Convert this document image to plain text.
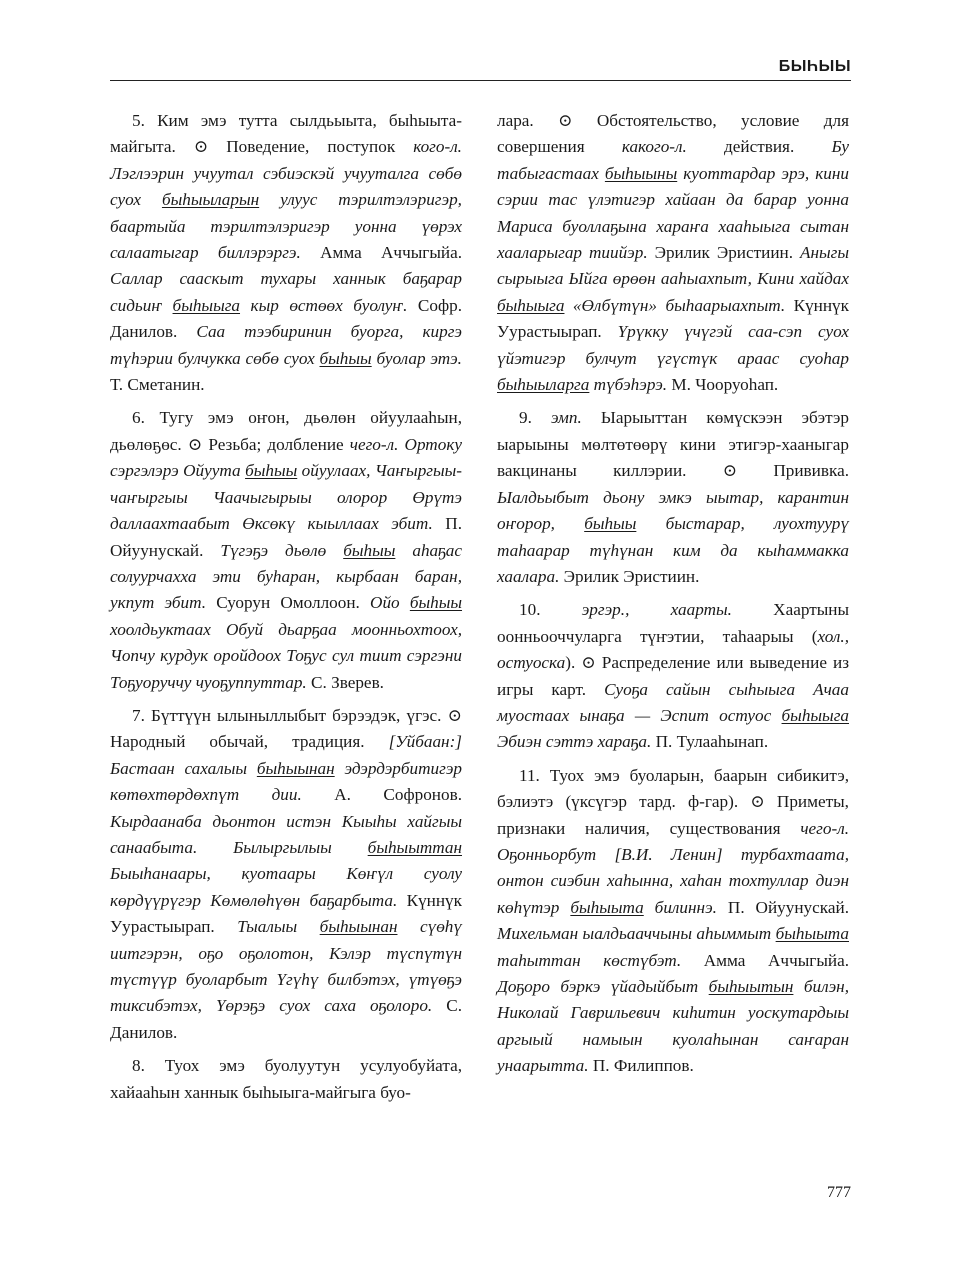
БЫҺЫЫ

5. Ким эмэ тутта сылдьыыта, быһыыта-майгыта. ⊙ Поведение, поступок кого-л. Лэглээрин учуутал сэбиэскэй учууталга сөбө суох быһыыларын улуус тэрилтэлэригэр, баартыйа тэрилтэлэригэр уонна үөрэх салаатыгар биллэрэргэ. Амма Аччыгыйа. Саллар сааскыт тухары ханнык баҕарар сидьиҥ быһыыга кыр өстөөх буолуҥ. Софр. Данилов. Саа тээбиринин буорга, киргэ түһэрии булчукка сөбө суох быһыы буолар этэ. Т. Сметанин.

6. Тугу эмэ оҥон, дьөлөн ойуулааһын, дьөлөҕөс. ⊙ Резьба; долбление чего-л. Ортоку сэргэлэрэ Ойуута быһыы ойуулаах, Чаҥыргыы-чаҥыргыы Чаачыгырыы олорор Өрүтэ даллаахтаабыт Өксөкү кыыллаах эбит. П. Ойуунускай. Түгэҕэ дьөлө быһыы аһаҕас солуурчахха эти буһаран, кырбаан баран, укпут эбит. Суорун Омоллоон. Ойо быһыы хоолдьуктаах Обуй дьарҕаа моонньохтоох, Чопчу курдук оройдоох Тоҕус сул тиит сэргэни Тоҕуоруччу чуоҕуппуттар. С. Зверев.

7. Бүттүүн ылыныллыбыт бэрээдэк, үгэс. ⊙ Народный обычай, традиция. [Уйбаан:] Бастаан сахалыы быһыынан эдэрдэрбитигэр көтөхтөрдөхпүт дии. А. Софронов. Кырдаанаба дьонтон истэн Кыыһы хайгыы санаабыта. Былыргылыы быһыыттан Быыһанаары, куотаары Көҥүл суолу көрдүүрүгэр Көмөлөһүөн баҕарбыта. Күннүк Уурастыырап. Тыалыы быһыынан сүөһү иитгэрэн, оҕо оҕолотон, Кэлэр түспүтүн түстүүр буоларбыт Үгүһү билбэтэх, үтүөҕэ тиксибэтэх, Үөрэҕэ суох саха оҕолоро. С. Данилов.

8. Туох эмэ буолуутун усулуобуйата, хайааһын ханнык быһыыга-майгыга буо-

лара. ⊙ Обстоятельство, условие для совершения какого-л. действия. Бу табыгастаах быһыыны куоттардар эрэ, кини сэрии тас үлэтигэр хайаан да барар уонна Мариса буоллаҕына хараҥа хааһыыга сытан хааларыгар тиийэр. Эрилик Эристиин. Аныгы сырыыга Ыйга өрөөн ааһыахпыт, Кини хайдах быһыыга «Өлбүтүн» быһаарыахпыт. Күннүк Уурастыырап. Үрүкку үчүгэй саа-сэп суох үйэтигэр булчут үгүстүк араас суоһар быһыыларга түбэһэрэ. М. Чооруоһап.

9. эмп. Ыарыыттан көмүскээн эбэтэр ыарыыны мөлтөтөөрү кини этигэр-хааныгар вакцинаны киллэрии. ⊙ Прививка. Ыалдьыбыт дьону эмкэ ыытар, карантин оҥорор, быһыы быстарар, луохтуурү таһаарар түһүнан ким да кыһаммакка хаалара. Эрилик Эристиин.

10. эргэр., хаарты. Хаартыны оонньооччуларга түҥэтии, таһаарыы (хол., остуоска). ⊙ Распределение или выведение из игры карт. Суоҕа сайын сыһыыга Ачаа муостаах ынаҕа — Эспит остуос быһыыга Эбиэн сэттэ хараҕа. П. Тулааһынап.

11. Туох эмэ буоларын, баарын сибикитэ, бэлиэтэ (үксүгэр тард. ф-гар). ⊙ Приметы, признаки наличия, существования чего-л. Оҕонньорбут [В.И. Ленин] турбахтаата, онтон сиэбин хаһынна, хаһан тохтуллар диэн көһүтэр быһыыта билиннэ. П. Ойуунускай. Михельман ыалдьааччыны аһыммыт быһыыта таһыттан көстүбэт. Амма Аччыгыйа. Доҕоро бэркэ үйадыйбыт быһыытын билэн, Николай Гаврильевич киһитин уоскутардыы аргыый намыын куолаһынан саҥаран унаарытта. П. Филиппов.

777
